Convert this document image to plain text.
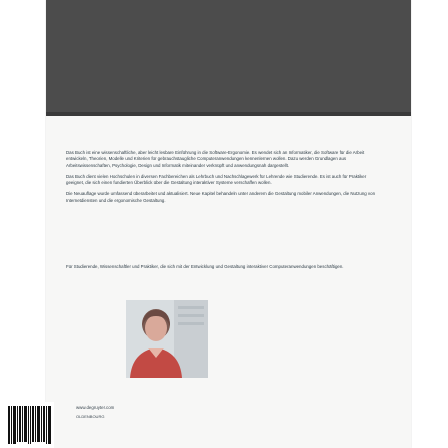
Das Buch ist eine wissenschaftliche, aber leicht lesbare Einführung in die Software-Ergonomie. Es wendet sich an Informatiker, die Software für die Arbeit entwickeln, Theorien, Modelle und Kriterien für gebrauchstaugliche Computeranwendungen kennenlernen wollen. Dazu werden Grundlagen aus Arbeitswissenschaften, Psychologie, Design und Informatik miteinander verknüpft und anwendungsnah dargestellt.

Das Buch dient vielen Hochschulen in diversen Fachbereichen als Lehrbuch und Nachschlagewerk für Lehrende wie Studierende. Es ist auch für Praktiker geeignet, die sich einen fundierten Überblick über die Gestaltung interaktiver Systeme verschaffen wollen.

Die Neuauflage wurde umfassend überarbeitet und aktualisiert. Neue Kapitel behandeln unter anderem die Gestaltung mobiler Anwendungen, die Nutzung von Internetdiensten und die ergonomische Gestaltung.

Für Studierende, Wissenschaftler und Praktiker, die sich mit der Entwicklung und Gestaltung interaktiver Computeranwendungen beschäftigen.

www.degruyter.com
OLDENBOURG
